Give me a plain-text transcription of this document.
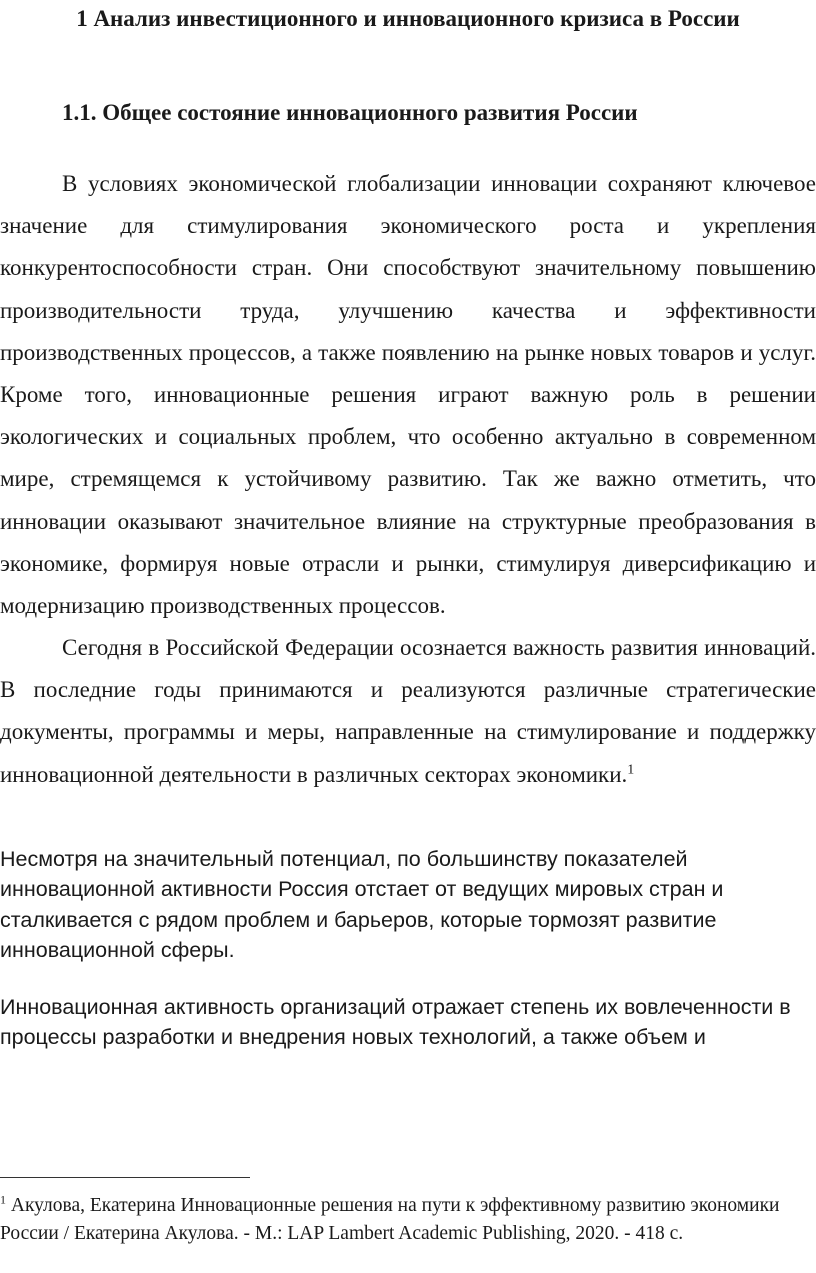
1 Анализ инвестиционного и инновационного кризиса в России
1.1. Общее состояние инновационного развития России

В условиях экономической глобализации инновации сохраняют ключевое значение для стимулирования экономического роста и укрепления конкурентоспособности стран. Они способствуют значительному повышению производительности труда, улучшению качества и эффективности производственных процессов, а также появлению на рынке новых товаров и услуг. Кроме того, инновационные решения играют важную роль в решении экологических и социальных проблем, что особенно актуально в современном мире, стремящемся к устойчивому развитию. Так же важно отметить, что инновации оказывают значительное влияние на структурные преобразования в экономике, формируя новые отрасли и рынки, стимулируя диверсификацию и модернизацию производственных процессов.

Сегодня в Российской Федерации осознается важность развития инноваций. В последние годы принимаются и реализуются различные стратегические документы, программы и меры, направленные на стимулирование и поддержку инновационной деятельности в различных секторах экономики.$^1$

Несмотря на значительный потенциал, по большинству показателей инновационной активности Россия отстает от ведущих мировых стран и сталкивается с рядом проблем и барьеров, которые тормозят развитие инновационной сферы.

Инновационная активность организаций отражает степень их вовлеченности в процессы разработки и внедрения новых технологий, а также объем и

$^1$ Акулова, Екатерина Инновационные решения на пути к эффективному развитию экономики России / Екатерина Акулова. - М.: LAP Lambert Academic Publishing, 2020. - 418 с.
